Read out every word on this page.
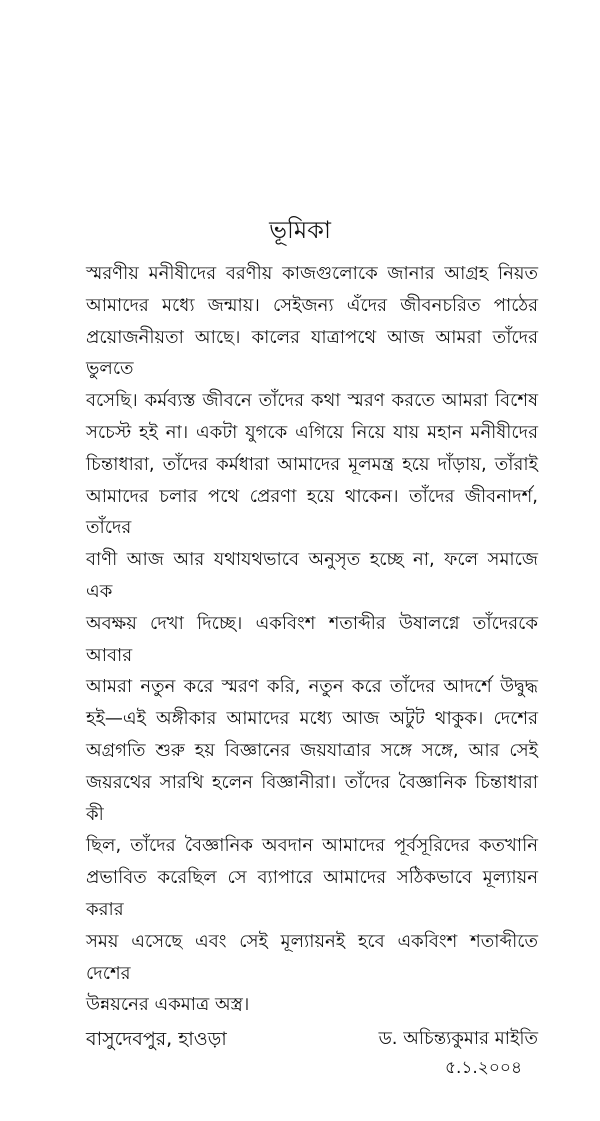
ভূমিকা
স্মরণীয় মনীষীদের বরণীয় কাজগুলোকে জানার আগ্রহ নিয়ত
আমাদের মধ্যে জন্মায়। সেইজন্য এঁদের জীবনচরিত পাঠের
প্রয়োজনীয়তা আছে। কালের যাত্রাপথে আজ আমরা তাঁদের ভুলতে
বসেছি। কর্মব্যস্ত জীবনে তাঁদের কথা স্মরণ করতে আমরা বিশেষ
সচেস্ট হই না। একটা যুগকে এগিয়ে নিয়ে যায় মহান মনীষীদের
চিন্তাধারা, তাঁদের কর্মধারা আমাদের মূলমন্ত্র হয়ে দাঁড়ায়, তাঁরাই
আমাদের চলার পথে প্রেরণা হয়ে থাকেন। তাঁদের জীবনাদর্শ, তাঁদের
বাণী আজ আর যথাযথভাবে অনুসৃত হচ্ছে না, ফলে সমাজে এক
অবক্ষয় দেখা দিচ্ছে। একবিংশ শতাব্দীর উষালগ্নে তাঁদেরকে আবার
আমরা নতুন করে স্মরণ করি, নতুন করে তাঁদের আদর্শে উদ্বুদ্ধ
হই—এই অঙ্গীকার আমাদের মধ্যে আজ অটুট থাকুক। দেশের
অগ্রগতি শুরু হয় বিজ্ঞানের জয়যাত্রার সঙ্গে সঙ্গে, আর সেই
জয়রথের সারথি হলেন বিজ্ঞানীরা। তাঁদের বৈজ্ঞানিক চিন্তাধারা কী
ছিল, তাঁদের বৈজ্ঞানিক অবদান আমাদের পূর্বসূরিদের কতখানি
প্রভাবিত করেছিল সে ব্যাপারে আমাদের সঠিকভাবে মূল্যায়ন করার
সময় এসেছে এবং সেই মূল্যায়নই হবে একবিংশ শতাব্দীতে দেশের
উন্নয়নের একমাত্র অস্ত্র।
বাসুদেবপুর, হাওড়া	ড. অচিন্ত্যকুমার মাইতি
৫.১.২০০৪
